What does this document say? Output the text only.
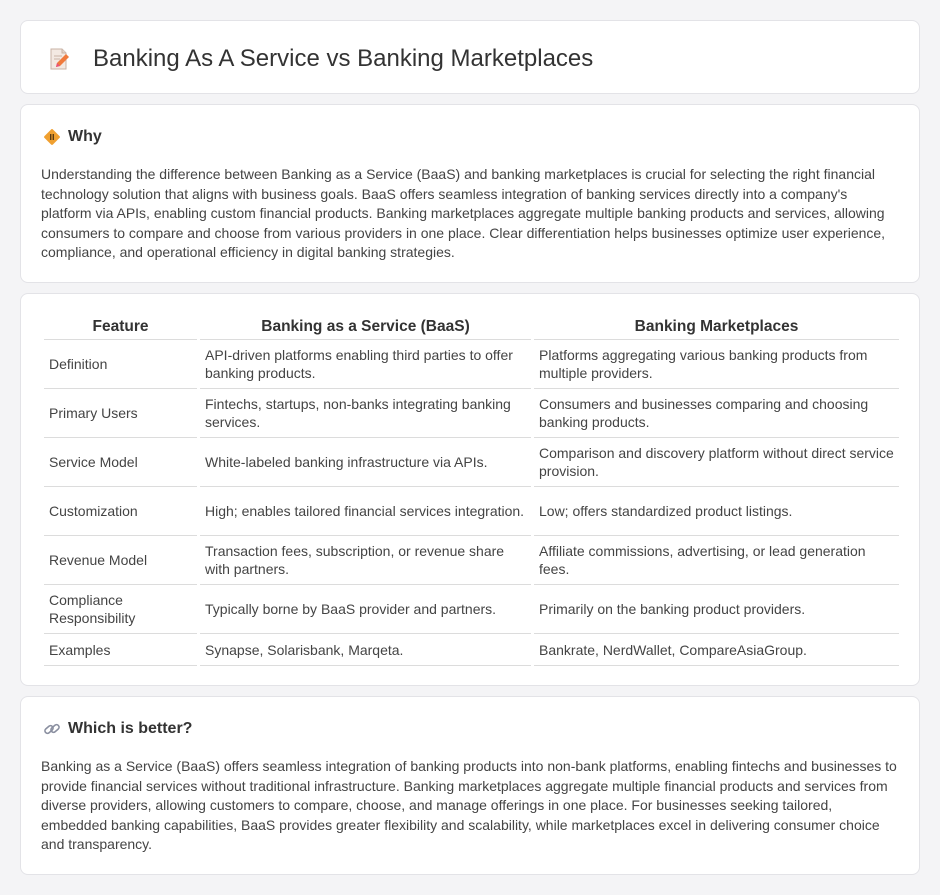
Banking As A Service vs Banking Marketplaces
Why

Understanding the difference between Banking as a Service (BaaS) and banking marketplaces is crucial for selecting the right financial technology solution that aligns with business goals. BaaS offers seamless integration of banking services directly into a company's platform via APIs, enabling custom financial products. Banking marketplaces aggregate multiple banking products and services, allowing consumers to compare and choose from various providers in one place. Clear differentiation helps businesses optimize user experience, compliance, and operational efficiency in digital banking strategies.

Feature	Banking as a Service (BaaS)	Banking Marketplaces
Definition	API-driven platforms enabling third parties to offer banking products.	Platforms aggregating various banking products from multiple providers.
Primary Users	Fintechs, startups, non-banks integrating banking services.	Consumers and businesses comparing and choosing banking products.
Service Model	White-labeled banking infrastructure via APIs.	Comparison and discovery platform without direct service provision.
Customization	High; enables tailored financial services integration.	Low; offers standardized product listings.
Revenue Model	Transaction fees, subscription, or revenue share with partners.	Affiliate commissions, advertising, or lead generation fees.
Compliance Responsibility	Typically borne by BaaS provider and partners.	Primarily on the banking product providers.
Examples	Synapse, Solarisbank, Marqeta.	Bankrate, NerdWallet, CompareAsiaGroup.
Which is better?

Banking as a Service (BaaS) offers seamless integration of banking products into non-bank platforms, enabling fintechs and businesses to provide financial services without traditional infrastructure. Banking marketplaces aggregate multiple financial products and services from diverse providers, allowing customers to compare, choose, and manage offerings in one place. For businesses seeking tailored, embedded banking capabilities, BaaS provides greater flexibility and scalability, while marketplaces excel in delivering consumer choice and transparency.
